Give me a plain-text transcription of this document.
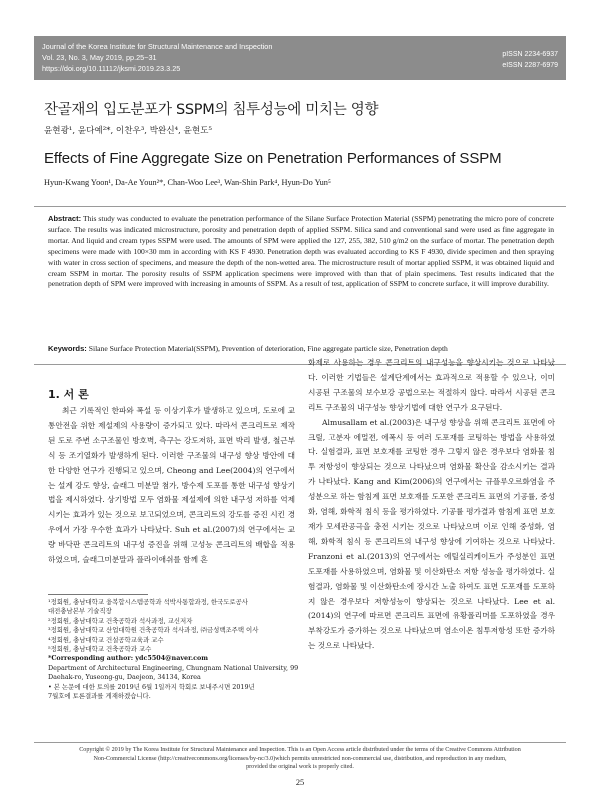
Journal of the Korea Institute for Structural Maintenance and Inspection
Vol. 23, No. 3, May 2019, pp.25~31
https://doi.org/10.11112/jksmi.2019.23.3.25
pISSN 2234-6937
eISSN 2287-6979
잔골재의 입도분포가 SSPM의 침투성능에 미치는 영향
윤현광¹, 윤다예²*, 이찬우³, 박완신⁴, 윤현도⁵
Effects of Fine Aggregate Size on Penetration Performances of SSPM
Hyun-Kwang Yoon¹, Da-Ae Youn²*, Chan-Woo Lee³, Wan-Shin Park⁴, Hyun-Do Yun⁵
Abstract: This study was conducted to evaluate the penetration performance of the Silane Surface Protection Material (SSPM) penetrating the micro pore of concrete surface. The results was indicated microstructure, porosity and penetration depth of applied SSPM. Silica sand and conventional sand were used as fine aggregate in mortar. And liquid and cream types SSPM were used. The amounts of SPM were applied the 127, 255, 382, 510 g/m2 on the surface of mortar. The penetration depth specimens were made with 100×30 mm in according with KS F 4930. Penetration depth was evaluated according to KS F 4930, divide specimen and then spraying with water in cross section of specimens, and measure the depth of the non-wetted area. The microstructure result of mortar applied SSPM, it was obtained liquid and cream SSPM in mortar. The porosity results of SSPM application specimens were improved with than that of plain specimens. Test results indicated that the penetration depth of SPM were improved with increasing in amounts of SSPM. As a result of test, application of SSPM to concrete surface, it will improve durability.
Keywords: Silane Surface Protection Material(SSPM), Prevention of deterioration, Fine aggregate particle size, Penetration depth
1. 서 론

최근 기록적인 한파와 폭설 등 이상기후가 발생하고 있으며, 도로에 교통안전을 위한 제설제의 사용량이 증가되고 있다. 따라서 콘크리트로 제작된 도로 주변 소구조물인 방호벽, 측구는 강도저하, 표면 박리 발생, 철근부식 등 조기열화가 발생하게 된다. 이러한 구조물의 내구성 향상 방안에 대한 다양한 연구가 진행되고 있으며, Cheong and Lee(2004)의 연구에서는 설계 강도 향상, 슬래그 미분말 첨가, 방수제 도포를 통한 내구성 향상기법을 제시하였다. 상기방법 모두 염화물 제설제에 의한 내구성 저하를 억제시키는 효과가 있는 것으로 보고되었으며, 콘크리트의 강도를 증진 시킨 경우에서 가장 우수한 효과가 나타났다. Suh et al.(2007)의 연구에서는 교량 바닥판 콘크리트의 내구성 증진을 위해 고성능 콘크리트의 배합을 적용하였으며, 슬래그미분말과 플라이애쉬를 함께 혼

화제로 사용하는 경우 콘크리트의 내구성능을 향상시키는 것으로 나타났다. 이러한 기법들은 설계단계에서는 효과적으로 적용할 수 있으나, 이미 시공된 구조물의 보수보강 공법으로는 적절하지 않다. 따라서 시공된 콘크리트 구조물의 내구성능 향상기법에 대한 연구가 요구된다.

Almusallam et al.(2003)은 내구성 향상을 위해 콘크리트 표면에 아크릴, 고분자 에멀젼, 에폭시 등 여러 도포재를 코팅하는 방법을 사용하였다. 실험결과, 표면 보호재를 코팅한 경우 그렇지 않은 경우보다 염화물 침투 저항성이 향상되는 것으로 나타났으며 염화물 확산을 감소시키는 결과가 나타났다. Kang and Kim(2006)의 연구에서는 규플루오르화염을 주성분으로 하는 함침계 표면 보호재를 도포한 콘크리트 표면의 기공률, 중성화, 염해, 화학적 침식 등을 평가하였다. 기공률 평가결과 함침계 표면 보호재가 모세관공극을 충전 시키는 것으로 나타났으며 이로 인해 중성화, 염해, 화학적 침식 등 콘크리트의 내구성 향상에 기여하는 것으로 나타났다. Franzoni et al.(2013)의 연구에서는 에틸실리케이트가 주성분인 표면 도포재를 사용하였으며, 염화물 및 이산화탄소 저항 성능을 평가하였다. 실험결과, 염화물 및 이산화탄소에 장시간 노출 하여도 표면 도포재를 도포하지 않은 경우보다 저항성능이 향상되는 것으로 나타났다. Lee et al.(2014)의 연구에 따르면 콘크리트 표면에 유황폴리머를 도포하였을 경우 부착강도가 증가하는 것으로 나타났으며 염소이온 침투저항성 또한 증가하는 것으로 나타났다.

¹정회원, 충남대학교 융복합시스템공학과 석박사통합과정, 한국도로공사
대전충남본부 기술직장
²정회원, 충남대학교 건축공학과 석사과정, 교신저자
³정회원, 충남대학교 산업대학원 건축공학과 석사과정, ㈜금성백조주택 이사
⁴정회원, 충남대학교 건설공학교육과 교수
⁵정회원, 충남대학교 건축공학과 교수
*Corresponding author: ydc5504@naver.com
Department of Architectural Engineering, Chungnam National University, 99
Daehak-ro, Yuseong-gu, Daejeon, 34134, Korea
• 본 논문에 대한 토의를 2019년 6월 1일까지 학회로 보내주시면 2019년
7월호에 토론결과를 게재하겠습니다.
Copyright © 2019 by The Korea Institute for Structural Maintenance and Inspection. This is an Open Access article distributed under the terms of the Creative Commons Attribution
Non-Commercial License (http://creativecommons.org/licenses/by-nc/3.0)which permits unrestricted non-commercial use, distribution, and reproduction in any medium,
provided the original work is properly cited.
25
